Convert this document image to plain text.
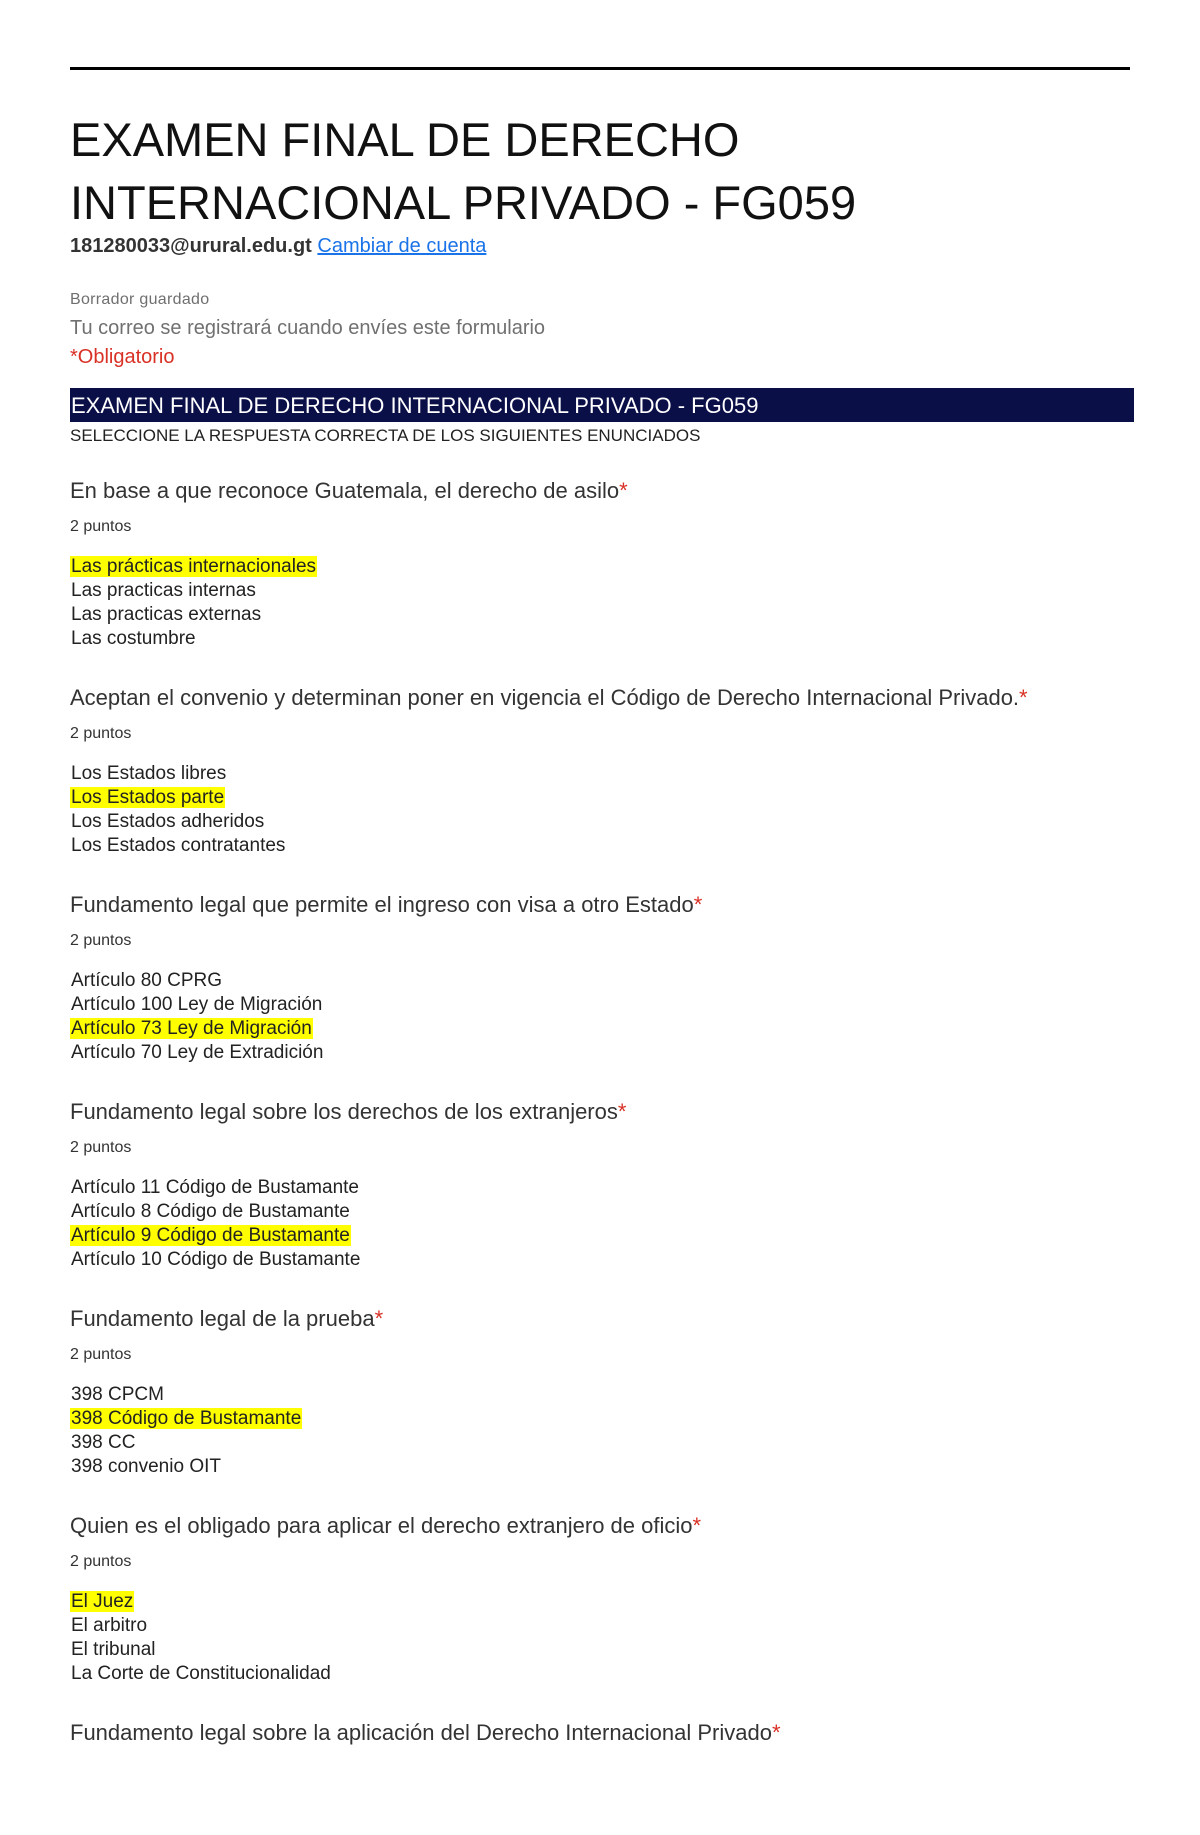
EXAMEN FINAL DE DERECHO INTERNACIONAL PRIVADO - FG059
181280033@urural.edu.gt Cambiar de cuenta
Borrador guardado
Tu correo se registrará cuando envíes este formulario
*Obligatorio
EXAMEN FINAL DE DERECHO INTERNACIONAL PRIVADO - FG059
SELECCIONE LA RESPUESTA CORRECTA DE LOS SIGUIENTES ENUNCIADOS
En base a que reconoce Guatemala, el derecho de asilo*
2 puntos
Las prácticas internacionales
Las practicas internas
Las practicas externas
Las costumbre
Aceptan el convenio y determinan poner en vigencia el Código de Derecho Internacional Privado.*
2 puntos
Los Estados libres
Los Estados parte
Los Estados adheridos
Los Estados contratantes
Fundamento legal que permite el ingreso con visa a otro Estado*
2 puntos
Artículo 80 CPRG
Artículo 100 Ley de Migración
Artículo 73 Ley de Migración
Artículo 70 Ley de Extradición
Fundamento legal sobre los derechos de los extranjeros*
2 puntos
Artículo 11 Código de Bustamante
Artículo 8 Código de Bustamante
Artículo 9 Código de Bustamante
Artículo 10 Código de Bustamante
Fundamento legal de la prueba*
2 puntos
398 CPCM
398 Código de Bustamante
398 CC
398 convenio OIT
Quien es el obligado para aplicar el derecho extranjero de oficio*
2 puntos
El Juez
El arbitro
El tribunal
La Corte de Constitucionalidad
Fundamento legal sobre la aplicación del Derecho Internacional Privado*
